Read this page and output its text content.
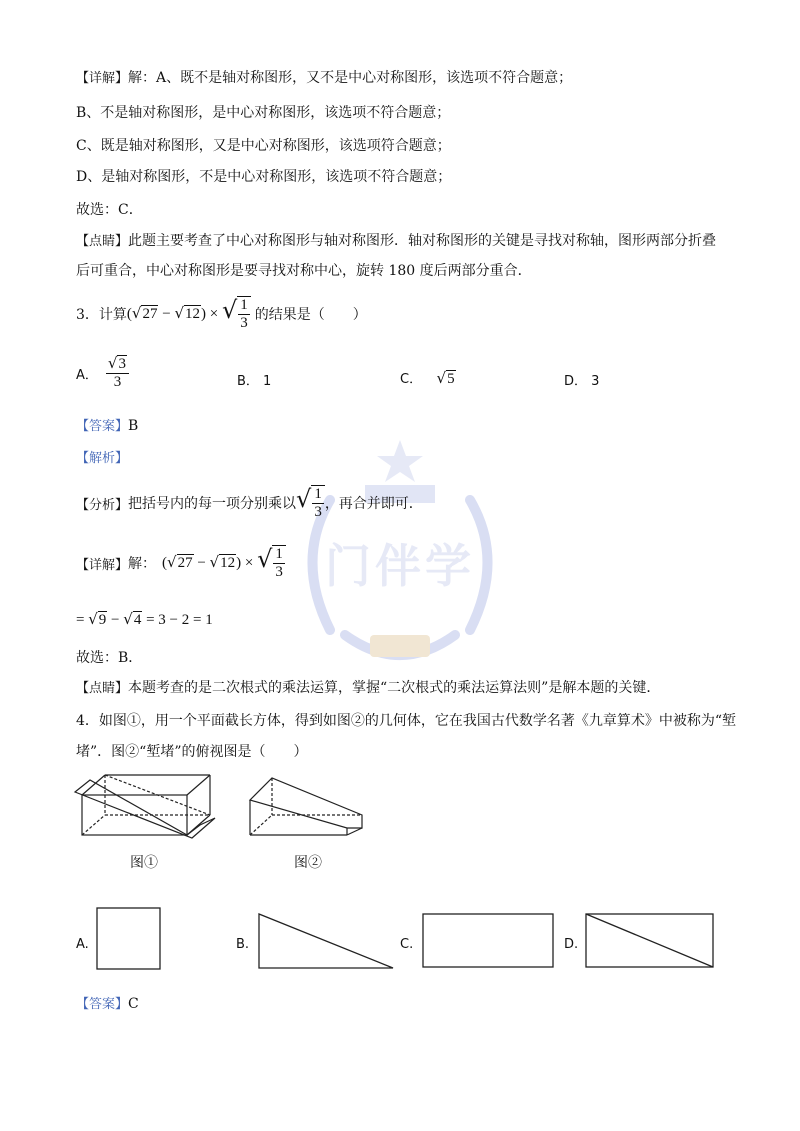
门伴学
【详解】解：A、既不是轴对称图形，又不是中心对称图形，该选项不符合题意；
B、不是轴对称图形，是中心对称图形，该选项不符合题意；
C、既是轴对称图形，又是中心对称图形，该选项符合题意；
D、是轴对称图形，不是中心对称图形，该选项不符合题意；
故选：C．
【点睛】此题主要考查了中心对称图形与轴对称图形．轴对称图形的关键是寻找对称轴，图形两部分折叠
后可重合，中心对称图形是要寻找对称中心，旋转 180 度后两部分重合．
3．计算 (√27 − √12) × √ $\frac{1}{3}$ 的结果是（　　）
A． $\frac{√3}{3}$	B． 1	C． √5	D． 3
【答案】B
【解析】
【分析】 把括号内的每一项分别乘以 √ $\frac{1}{3}$ ，再合并即可．
【详解】 解： (√27 − √12) × √ $\frac{1}{3}$
= √9 − √4 = 3 − 2 = 1
故选：B．
【点睛】本题考查的是二次根式的乘法运算，掌握“二次根式的乘法运算法则”是解本题的关键．
4．如图①，用一个平面截长方体，得到如图②的几何体，它在我国古代数学名著《九章算术》中被称为“堑
堵”．图②“堑堵”的俯视图是（　　）
图①	图②
A.	B.	C.	D.
【答案】C
